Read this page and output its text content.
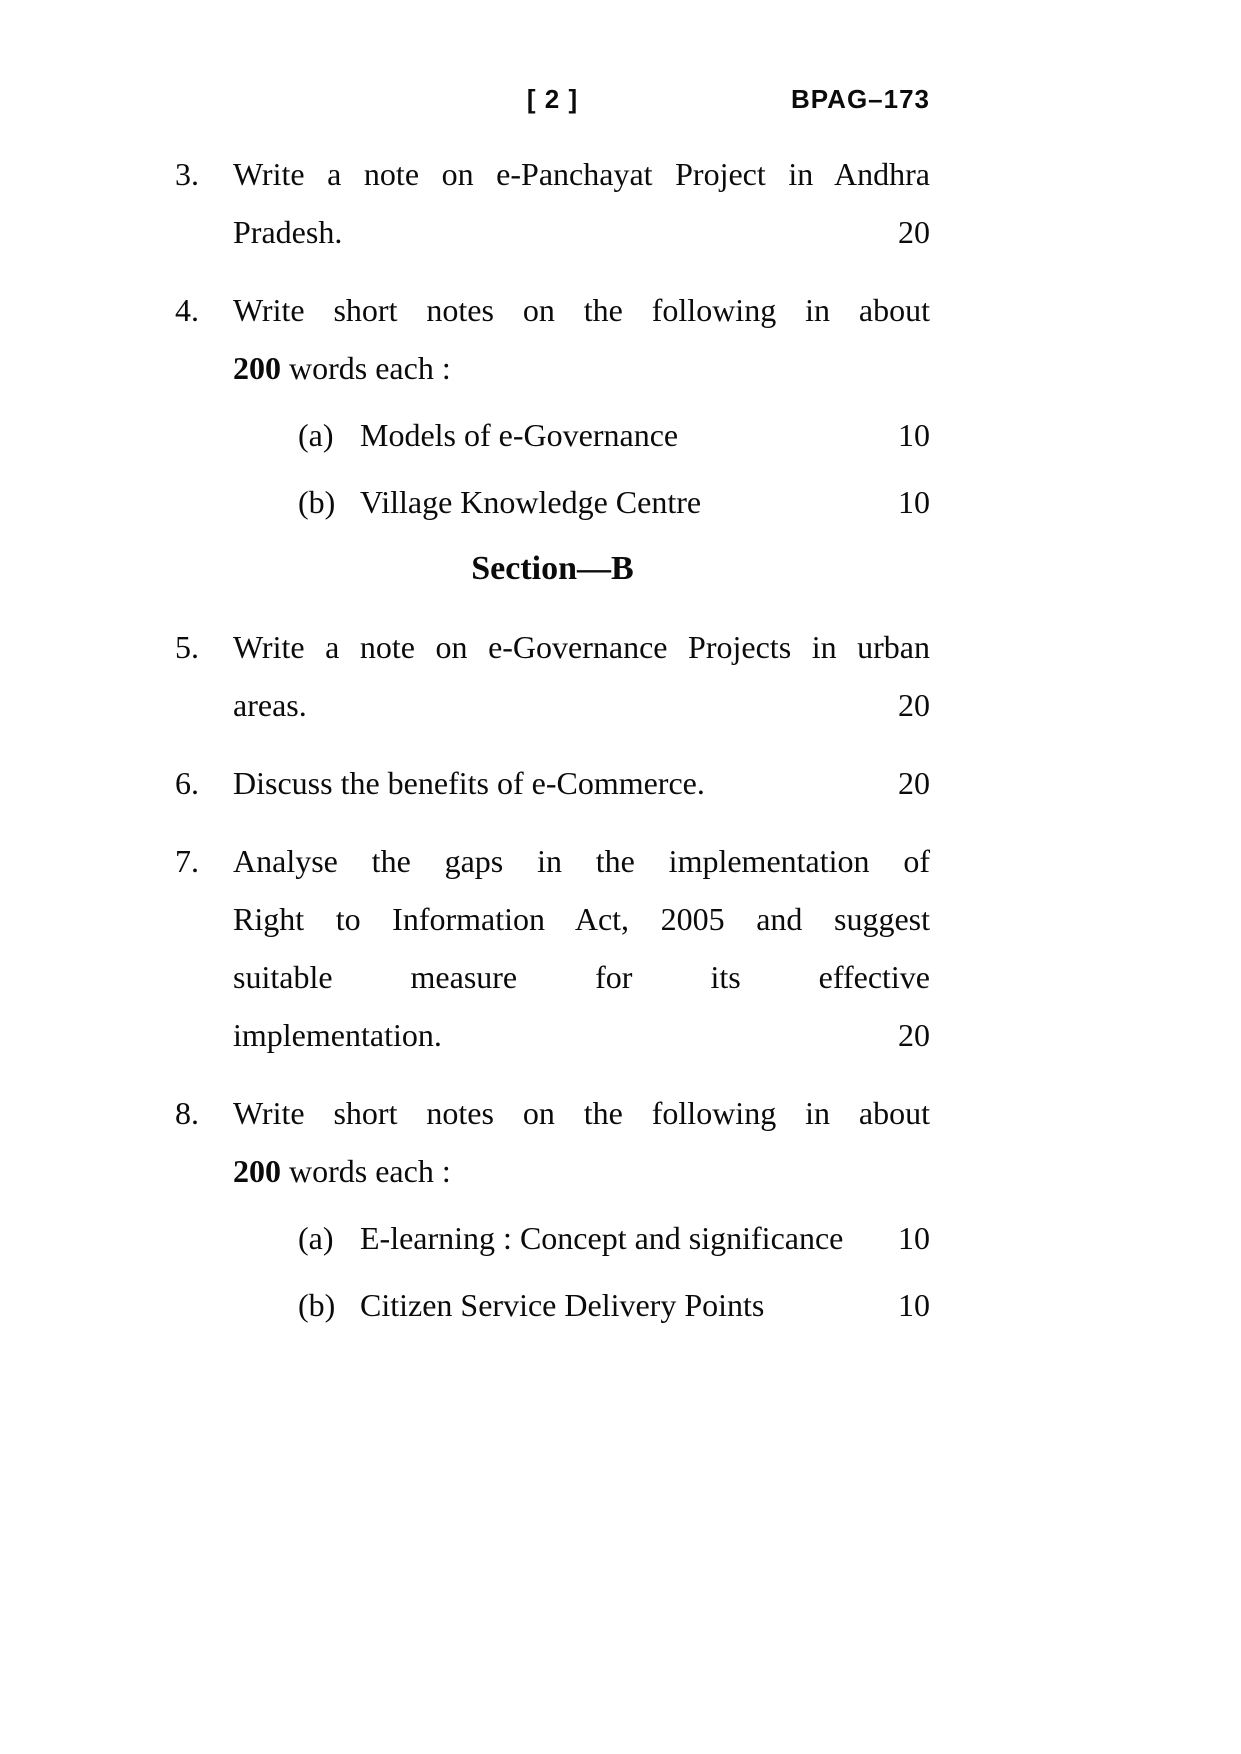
[ 2 ]	BPAG–173
3.	Write a note on e-Panchayat Project in Andhra
Pradesh.	20
4.	Write short notes on the following in about
200 words each :
(a) Models of e-Governance	10
(b) Village Knowledge Centre	10
Section—B
5.	Write a note on e-Governance Projects in urban
areas.	20
6.	Discuss the benefits of e-Commerce.	20
7.	Analyse the gaps in the implementation of
Right to Information Act, 2005 and suggest
suitable measure for its effective
implementation.	20
8.	Write short notes on the following in about
200 words each :
(a) E-learning : Concept and significance	10
(b) Citizen Service Delivery Points	10
